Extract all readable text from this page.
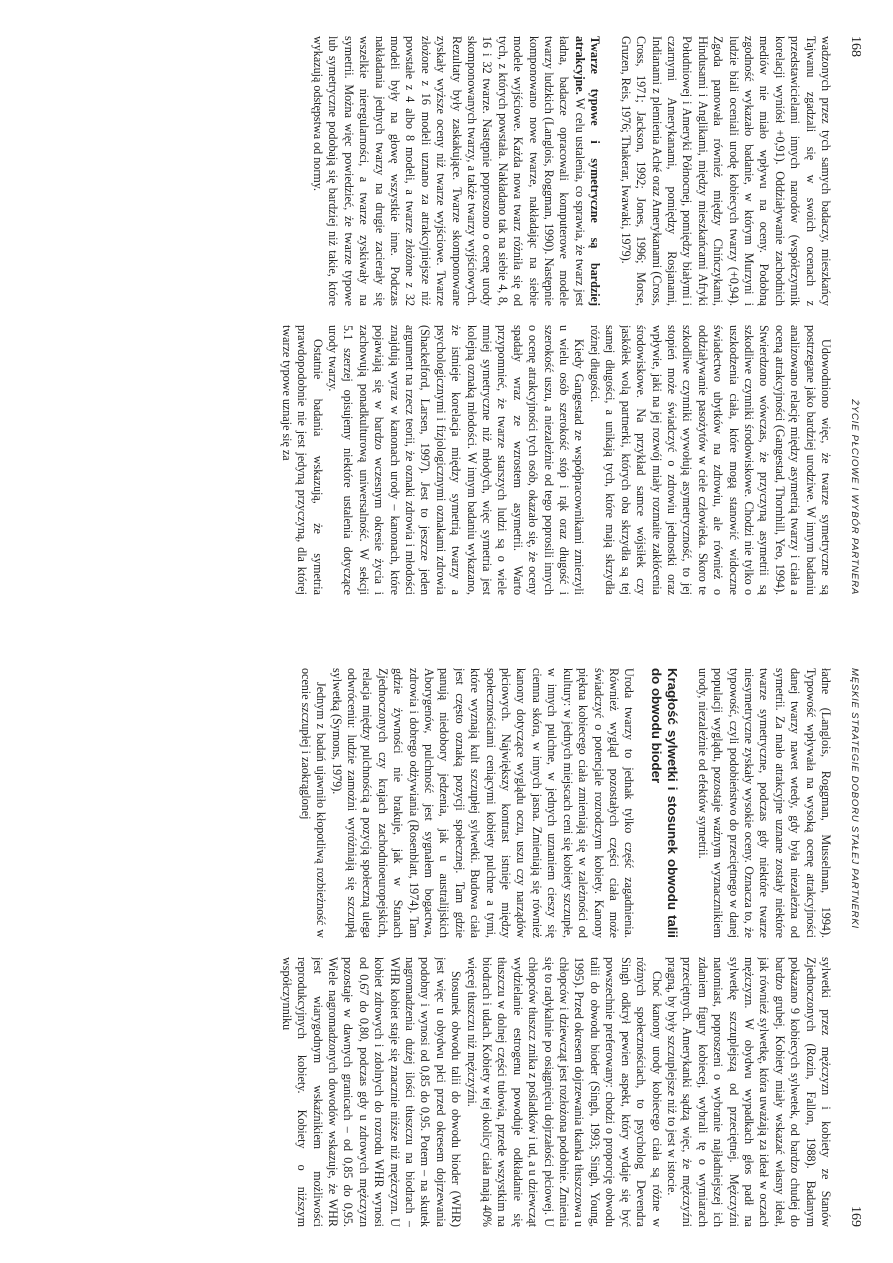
168
ŻYCIE PŁCIOWE I WYBÓR PARTNERA

wadzonych przez tych samych badaczy, mieszkańcy Tajwanu zgadzali się w swoich ocenach z przedstawicielami innych narodów (współczynnik korelacji wyniósł +0,91). Oddziaływanie zachodnich mediów nie miało wpływu na oceny. Podobną zgodność wykazało badanie, w którym Murzyni i ludzie biali oceniali urodę kobiecych twarzy (+0,94). Zgoda panowała również między Chińczykami, Hindusami i Anglikami, między mieszkańcami Afryki Południowej i Ameryki Północnej, pomiędzy białymi i czarnymi Amerykanami, pomiędzy Rosjanami, Indianami z plemienia Aché oraz Amerykanami (Cross, Cross, 1971; Jackson, 1992; Jones, 1996; Morse, Gruzen, Reis, 1976; Thakerar, Iwawaki, 1979).

Twarze typowe i symetryczne są bardziej atrakcyjne. W celu ustalenia, co sprawia, że twarz jest ładna, badacze opracowali komputerowe modele twarzy ludzkich (Langlois, Roggman, 1990). Następnie komponowano nowe twarze, nakładając na siebie modele wyjściowe. Każda nowa twarz różniła się od tych, z których powstała. Nakładano tak na siebie 4, 8, 16 i 32 twarze. Następnie poproszono o ocenę urody skomponowanych twarzy, a także twarzy wyjściowych. Rezultaty były zaskakujące. Twarze skomponowane zyskały wyższe oceny niż twarze wyjściowe. Twarze złożone z 16 modeli uznano za atrakcyjniejsze niż powstałe z 4 albo 8 modeli, a twarze złożone z 32 modeli były na głowę wszystkie inne. Podczas nakładania jednych twarzy na drugie zacierały się wszelkie nieregularności, a twarze zyskiwały na symetrii. Można więc powiedzieć, że twarze typowe lub symetryczne podobają się bardziej niż takie, które wykazują odstępstwa od normy.

Udowodniono więc, że twarze symetryczne są postrzegane jako bardziej urodziwe. W innym badaniu analizowano relację między asymetrią twarzy i ciała a oceną atrakcyjności (Gangestad, Thornhill, Yeo, 1994). Stwierdzono wówczas, że przyczyną asymetrii są szkodliwe czynniki środowiskowe. Chodzi nie tylko o uszkodzenia ciała, które mogą stanowić widoczne świadectwo ubytków na zdrowiu, ale również o oddziaływanie pasożytów w ciele człowieka. Skoro te szkodliwe czynniki wywołują asymetryczność, to jej stopień może świadczyć o zdrowiu jednostki oraz wpływie, jaki na jej rozwój miały rozmaite zakłócenia środowiskowe. Na przykład samce wójsiłek czy jaskółek wolą partnerki, których oba skrzydła są tej samej długości, a unikają tych, które mają skrzydła różnej długości.

Kiedy Gangestad ze współpracownikami zmierzyli u wielu osób szerokość stóp i rąk oraz długość i szerokość uszu, a niezależnie od tego poprosili innych o ocenę atrakcyjności tych osób, okazało się, że oceny spadały wraz ze wzrostem asymetrii. Warto przypomnieć, że twarze starszych ludzi są o wiele mniej symetryczne niż młodych, więc symetria jest kolejną oznaką młodości. W innym badaniu wykazano, że istnieje korelacja między symetrią twarzy a psychologicznymi i fizjologicznymi oznakami zdrowia (Shackelford, Larsen, 1997). Jest to jeszcze jeden argument na rzecz teorii, że oznaki zdrowia i młodości znajdują wyraz w kanonach urody – kanonach, które pojawiają się w bardzo wczesnym okresie życia i zachowują ponadkulturową uniwersalność. W sekcji 5.1 szerzej opisujemy niektóre ustalenia dotyczące urody twarzy.

Ostatnie badania wskazują, że symetria prawdopodobnie nie jest jedyną przyczyną, dla której twarze typowe uznaje się za

MĘSKIE STRATEGIE DOBORU STAŁEJ PARTNERKI
169

ładne (Langlois, Roggman, Musselman, 1994). Typowość wpływała na wysoką ocenę atrakcyjności danej twarzy nawet wtedy, gdy była niezależna od symetrii. Za mało atrakcyjne uznane zostały niektóre twarze symetryczne, podczas gdy niektóre twarze niesymetryczne zyskały wysokie oceny. Oznacza to, że typowość, czyli podobieństwo do przeciętnego w danej populacji wyglądu, pozostaje ważnym wyznacznikiem urody, niezależnie od efektów symetrii.

Kragłość sylwetki i stosunek obwodu talii do obwodu bioder

Uroda twarzy to jednak tylko część zagadnienia. Również wygląd pozostałych części ciała może świadczyć o potencjale rozrodczym kobiety. Kanony piękna kobiecego ciała zmieniają się w zależności od kultury: w jednych miejscach ceni się kobiety szczupłe, w innych pulchne, w jednych uznaniem cieszy się ciemna skóra, w innych jasna. Zmieniają się również kanony dotyczące wyglądu oczu, uszu czy narządów płciowych. Największy kontrast istnieje między społecznościami ceniącymi kobiety pulchne a tymi, które wyznają kult szczupłej sylwetki. Budowa ciała jest często oznaką pozycji społecznej. Tam gdzie panują niedobory jedzenia, jak u australijskich Aborygenów, pulchność jest sygnałem bogactwa, zdrowia i dobrego odżywiania (Rosenblatt, 1974). Tam gdzie żywności nie brakuje, jak w Stanach Zjednoczonych czy krajach zachodnioeuropejskich, relacja między pulchnością a pozycją społeczną ulega odwróceniu: ludzie zamożni wyróżniają się szczupłą sylwetką (Symons, 1979).

Jednym z badań ujawniło kłopotliwą rozbieżność w ocenie szczupłej i zaokrąglonej

sylwetki przez mężczyzn i kobiety ze Stanów Zjednoczonych (Rozin, Fallon, 1988). Badanym pokazano 9 kobiecych sylwetek, od bardzo chudej do bardzo grubej. Kobiety miały wskazać własny ideał, jak również sylwetkę, która uważają za ideał w oczach mężczyzn. W obydwu wypadkach głos padł na sylwetkę szczuplejszą od przeciętnej. Mężczyźni natomiast, poproszeni o wybranie najładniejszej ich zdaniem figury kobiecej, wybrali tę o wymiarach przeciętnych. Amerykanki sądzą więc, że mężczyźni pragną, by były szczuplejsze niż to jest w istocie.

Choć kanony urody kobiecego ciała są różne w różnych społecznościach, to psycholog Devendra Singh odkrył pewien aspekt, który wydaje się być powszechnie preferowany: chodzi o proporcję obwodu talii do obwodu bioder (Singh, 1993; Singh, Young, 1995). Przed okresem dojrzewania tkanka tłuszczowa u chłopców i dziewcząt jest rozłożona podobnie. Zmienia się to radykalnie po osiągnięciu dojrzałości płciowej. U chłopców tłuszcz znika z pośladków i ud, a u dziewcząt wydzielanie estrogenu powoduje odkładanie się tłuszczu w dolnej części tułowia, przede wszystkim na biodrach i udach. Kobiety w tej okolicy ciała mają 40% więcej tłuszczu niż mężczyźni.

Stosunek obwodu talii do obwodu bioder (WHR) jest więc u obydwu płci przed okresem dojrzewania podobny i wynosi od 0,85 do 0,95. Potem – na skutek nagromadzenia dużej ilości tłuszczu na biodrach – WHR kobiet staje się znacznie niższe niż mężczyzn. U kobiet zdrowych i zdolnych do rozrodu WHR wynosi od 0,67 do 0,80, podczas gdy u zdrowych mężczyzn pozostaje w dawnych granicach – od 0,85 do 0,95. Wiele nagromadzonych dowodów wskazuje, że WHR jest wiarygodnym wskaźnikiem możliwości reprodukcyjnych kobiety. Kobiety o niższym współczynniku
